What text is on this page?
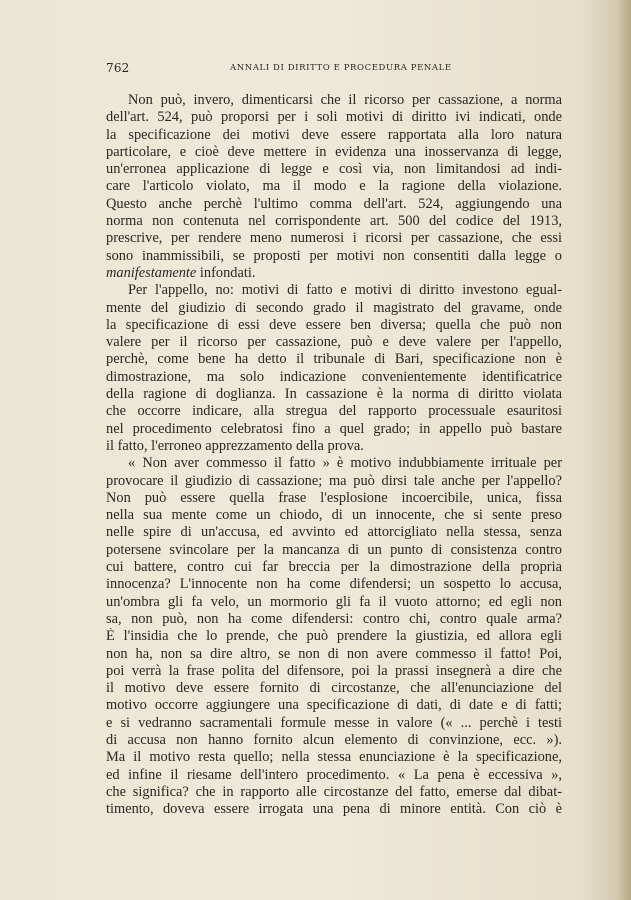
762	ANNALI DI DIRITTO E PROCEDURA PENALE
Non può, invero, dimenticarsi che il ricorso per cassazione, a norma
dell'art. 524, può proporsi per i soli motivi di diritto ivi indicati, onde
la specificazione dei motivi deve essere rapportata alla loro natura
particolare, e cioè deve mettere in evidenza una inosservanza di legge,
un'erronea applicazione di legge e così via, non limitandosi ad indi-
care l'articolo violato, ma il modo e la ragione della violazione.
Questo anche perchè l'ultimo comma dell'art. 524, aggiungendo una
norma non contenuta nel corrispondente art. 500 del codice del 1913,
prescrive, per rendere meno numerosi i ricorsi per cassazione, che essi
sono inammissibili, se proposti per motivi non consentiti dalla legge o
manifestamente infondati.
Per l'appello, no: motivi di fatto e motivi di diritto investono egual-
mente del giudizio di secondo grado il magistrato del gravame, onde
la specificazione di essi deve essere ben diversa; quella che può non
valere per il ricorso per cassazione, può e deve valere per l'appello,
perchè, come bene ha detto il tribunale di Bari, specificazione non è
dimostrazione, ma solo indicazione convenientemente identificatrice
della ragione di doglianza. In cassazione è la norma di diritto violata
che occorre indicare, alla stregua del rapporto processuale esauritosi
nel procedimento celebratosi fino a quel grado; in appello può bastare
il fatto, l'erroneo apprezzamento della prova.
« Non aver commesso il fatto » è motivo indubbiamente irrituale per
provocare il giudizio di cassazione; ma può dirsi tale anche per l'appello?
Non può essere quella frase l'esplosione incoercibile, unica, fissa
nella sua mente come un chiodo, di un innocente, che si sente preso
nelle spire di un'accusa, ed avvinto ed attorcigliato nella stessa, senza
potersene svincolare per la mancanza di un punto di consistenza contro
cui battere, contro cui far breccia per la dimostrazione della propria
innocenza? L'innocente non ha come difendersi; un sospetto lo accusa,
un'ombra gli fa velo, un mormorio gli fa il vuoto attorno; ed egli non
sa, non può, non ha come difendersi: contro chi, contro quale arma?
È l'insidia che lo prende, che può prendere la giustizia, ed allora egli
non ha, non sa dire altro, se non di non avere commesso il fatto! Poi,
poi verrà la frase polita del difensore, poi la prassi insegnerà a dire che
il motivo deve essere fornito di circostanze, che all'enunciazione del
motivo occorre aggiungere una specificazione di dati, di date e di fatti;
e si vedranno sacramentali formule messe in valore (« ... perchè i testi
di accusa non hanno fornito alcun elemento di convinzione, ecc. »).
Ma il motivo resta quello; nella stessa enunciazione è la specificazione,
ed infine il riesame dell'intero procedimento. « La pena è eccessiva »,
che significa? che in rapporto alle circostanze del fatto, emerse dal dibat-
timento, doveva essere irrogata una pena di minore entità. Con ciò è
